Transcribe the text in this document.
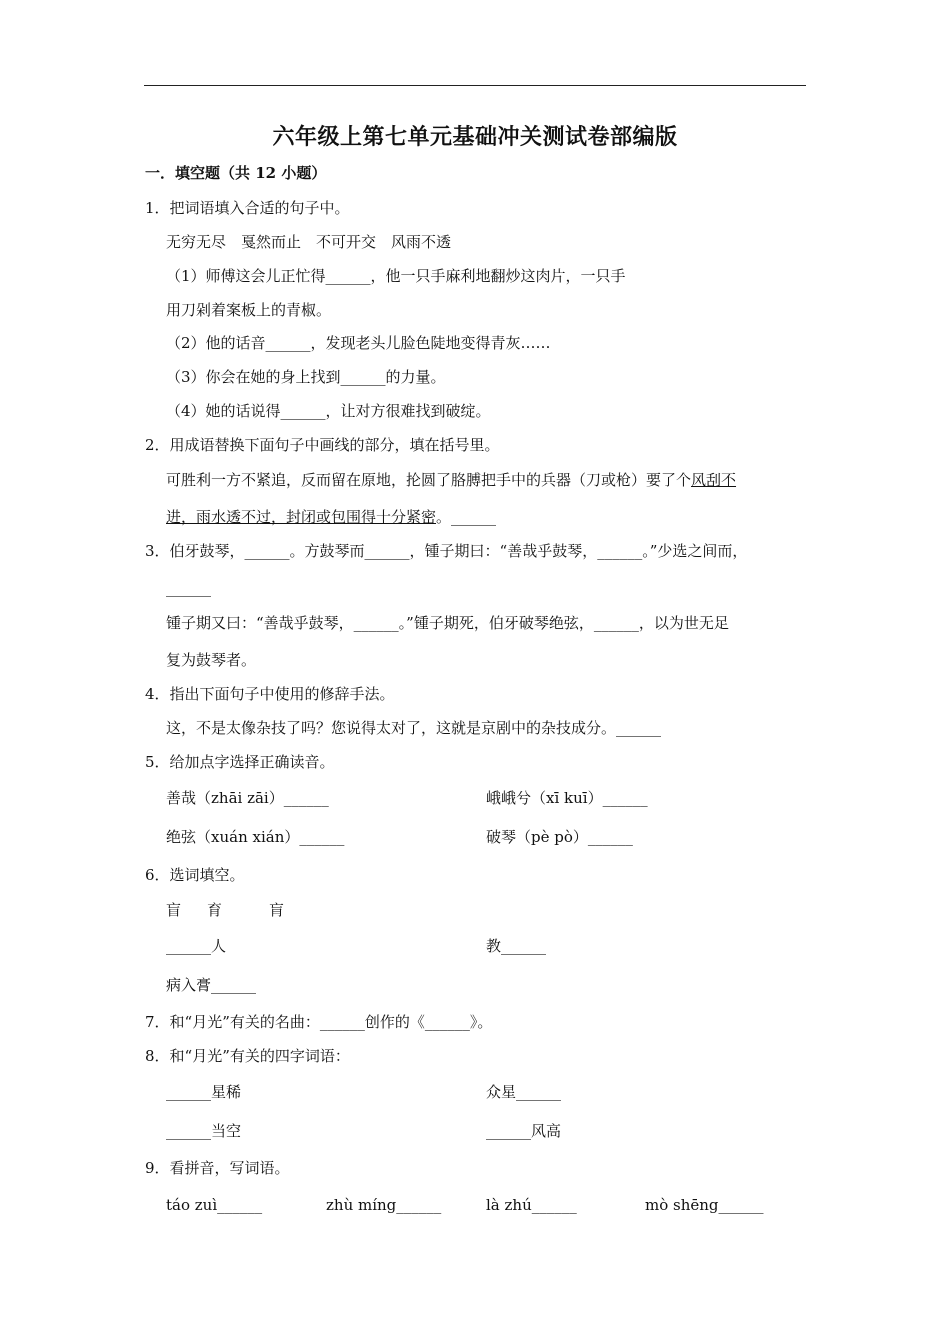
六年级上第七单元基础冲关测试卷部编版
一．填空题（共 12 小题）
1．把词语填入合适的句子中。
无穷无尽　戛然而止　不可开交　风雨不透
（1）师傅这会儿正忙得______，他一只手麻利地翻炒这肉片，一只手
用刀剁着案板上的青椒。
（2）他的话音______，发现老头儿脸色陡地变得青灰……
（3）你会在她的身上找到______的力量。
（4）她的话说得______，让对方很难找到破绽。
2．用成语替换下面句子中画线的部分，填在括号里。
可胜利一方不紧追，反而留在原地，抡圆了胳膊把手中的兵器（刀或枪）要了个风刮不
进，雨水透不过，封闭或包围得十分紧密。______
3．伯牙鼓琴，______。方鼓琴而______，锺子期曰：“善哉乎鼓琴，______。”少选之间而，
______
锺子期又曰：“善哉乎鼓琴，______。”锺子期死，伯牙破琴绝弦，______，以为世无足
复为鼓琴者。
4．指出下面句子中使用的修辞手法。
这，不是太像杂技了吗？您说得太对了，这就是京剧中的杂技成分。______
5．给加点字选择正确读音。
善哉（zhāi zāi）______	峨峨兮（xī kuī）______
绝弦（xuán xián）______	破琴（pè pò）______
6．选词填空。
盲 育	肓
______人	教______
病入膏______
7．和“月光”有关的名曲：______创作的《______》。
8．和“月光”有关的四字词语：
______星稀	众星______
______当空	______风高
9．看拼音，写词语。
táo zuì______	zhù míng______	là zhú______	mò shēng______
